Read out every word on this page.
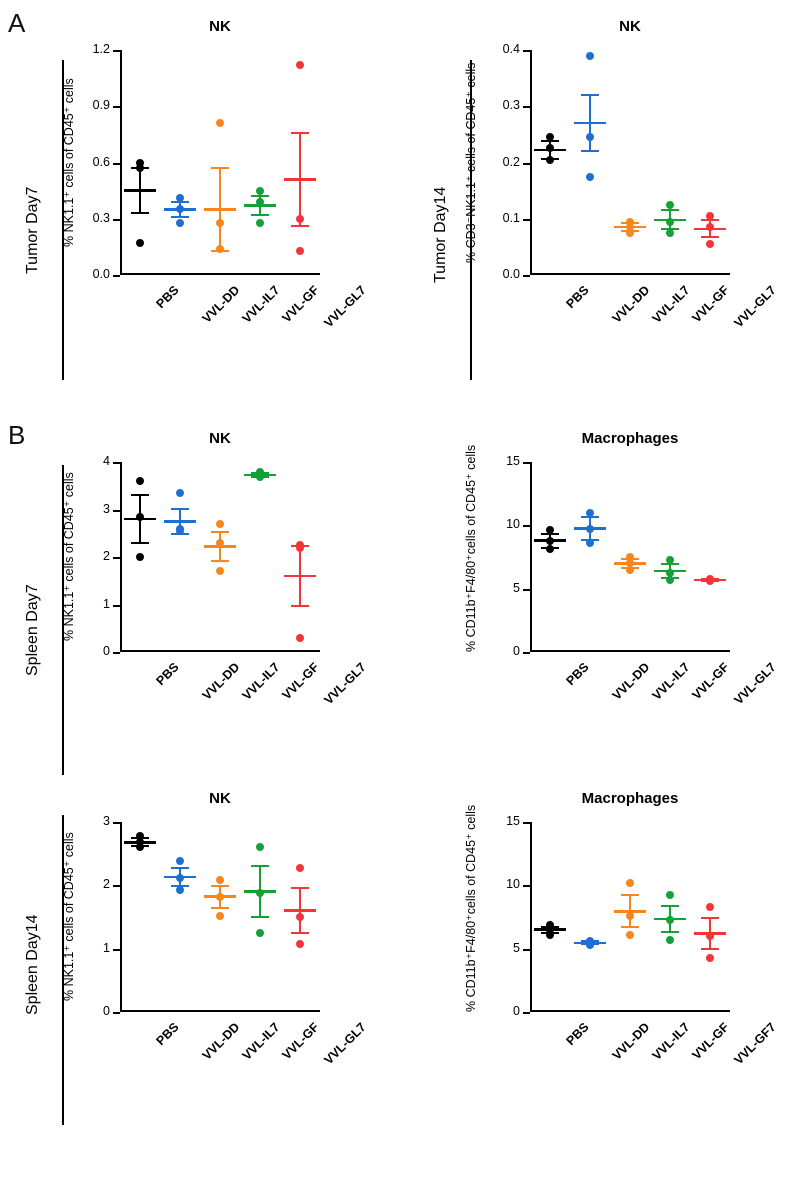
A
B
Tumor Day7	Tumor Day14
Spleen Day7
Spleen Day14
NK
0.0
0.3
0.6
0.9
1.2
% NK1.1⁺ cells of CD45⁺ cells
PBS VVL-DD
VVL-IL7
VVL-GF VVL-GL7
NK
0.0
0.1
0.2
0.3
0.4
% CD3⁻NK1.1⁺ cells of CD45⁺ cells
PBS VVL-DD
VVL-IL7
VVL-GF VVL-GL7
NK
0
1
2
3
4
% NK1.1⁺ cells of CD45⁺ cells
PBS VVL-DD
VVL-IL7
VVL-GF VVL-GL7
Macrophages
0
5
10
15
% CD11b⁺F4/80⁺cells of CD45⁺ cells
PBS VVL-DD
VVL-IL7
VVL-GF VVL-GL7
NK
0
1
2
3
% NK1.1⁺ cells of CD45⁺ cells
PBS VVL-DD
VVL-IL7
VVL-GF VVL-GL7
Macrophages
0
5
10
15
% CD11b⁺F4/80⁺cells of CD45⁺ cells
PBS VVL-DD
VVL-IL7
VVL-GF VVL-GF7
